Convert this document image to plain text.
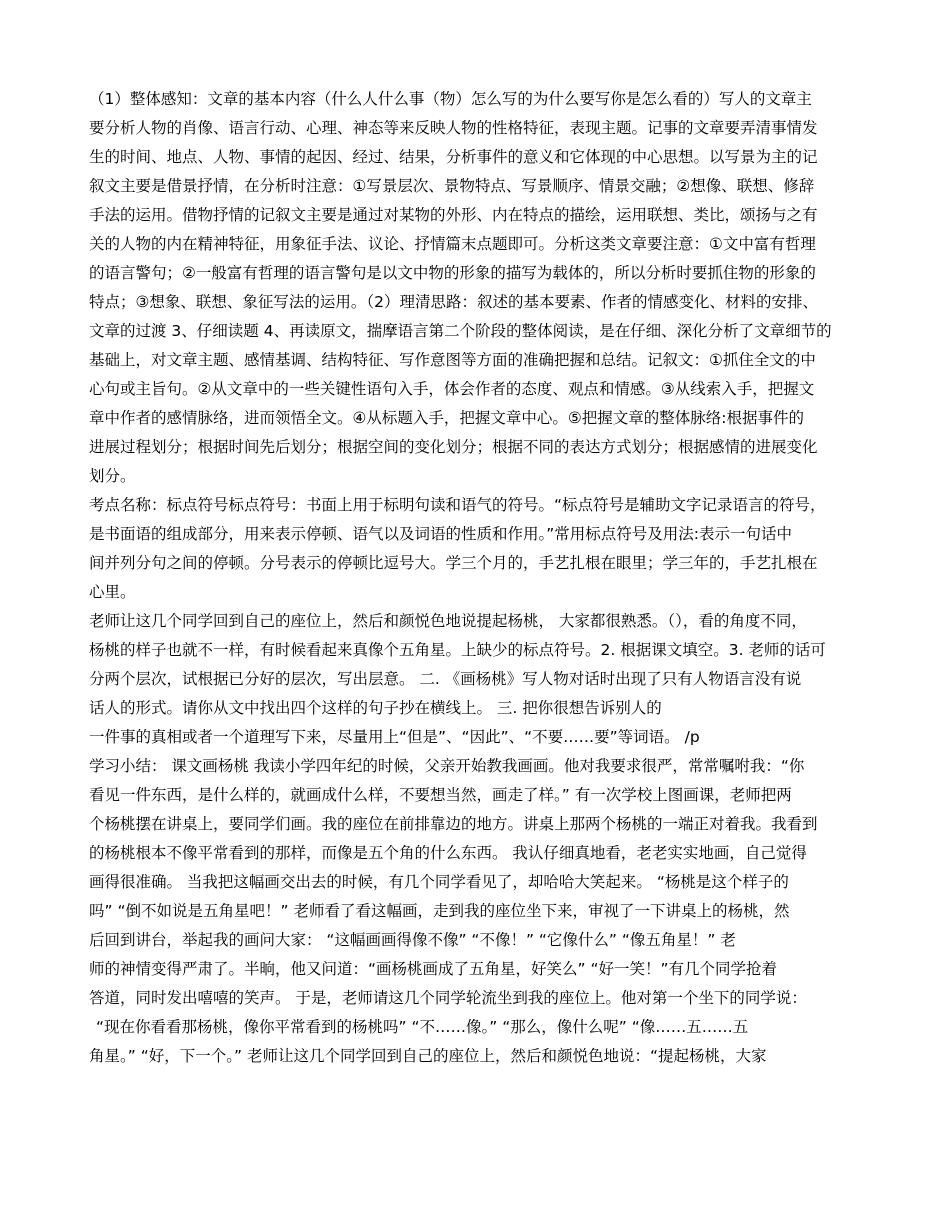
（1）整体感知：文章的基本内容（什么人什么事（物）怎么写的为什么要写你是怎么看的）写人的文章主
要分析人物的肖像、语言行动、心理、神态等来反映人物的性格特征，表现主题。记事的文章要弄清事情发
生的时间、地点、人物、事情的起因、经过、结果，分析事件的意义和它体现的中心思想。以写景为主的记
叙文主要是借景抒情，在分析时注意：①写景层次、景物特点、写景顺序、情景交融；②想像、联想、修辞
手法的运用。借物抒情的记叙文主要是通过对某物的外形、内在特点的描绘，运用联想、类比，颂扬与之有
关的人物的内在精神特征，用象征手法、议论、抒情篇末点题即可。分析这类文章要注意：①文中富有哲理
的语言警句；②一般富有哲理的语言警句是以文中物的形象的描写为载体的，所以分析时要抓住物的形象的
特点；③想象、联想、象征写法的运用。（2）理清思路：叙述的基本要素、作者的情感变化、材料的安排、
文章的过渡 3、仔细读题 4、再读原文，揣摩语言第二个阶段的整体阅读，是在仔细、深化分析了文章细节的
基础上，对文章主题、感情基调、结构特征、写作意图等方面的准确把握和总结。记叙文：①抓住全文的中
心句或主旨句。②从文章中的一些关键性语句入手，体会作者的态度、观点和情感。③从线索入手，把握文
章中作者的感情脉络，进而领悟全文。④从标题入手，把握文章中心。⑤把握文章的整体脉络:根据事件的
进展过程划分；根据时间先后划分；根据空间的变化划分；根据不同的表达方式划分；根据感情的进展变化
划分。
考点名称：标点符号标点符号：书面上用于标明句读和语气的符号。“标点符号是辅助文字记录语言的符号，
是书面语的组成部分，用来表示停顿、语气以及词语的性质和作用。”常用标点符号及用法:表示一句话中
间并列分句之间的停顿。分号表示的停顿比逗号大。学三个月的，手艺扎根在眼里；学三年的，手艺扎根在
心里。
老师让这几个同学回到自己的座位上，然后和颜悦色地说提起杨桃， 大家都很熟悉。（），看的角度不同，
杨桃的样子也就不一样，有时候看起来真像个五角星。上缺少的标点符号。2. 根据课文填空。3. 老师的话可
分两个层次，试根据已分好的层次，写出层意。 二. 《画杨桃》写人物对话时出现了只有人物语言没有说
话人的形式。请你从文中找出四个这样的句子抄在横线上。 三. 把你很想告诉别人的
一件事的真相或者一个道理写下来，尽量用上“但是”、“因此”、“不要……要”等词语。 /p
学习小结： 课文画杨桃 我读小学四年纪的时候，父亲开始教我画画。他对我要求很严，常常嘱咐我：“你
看见一件东西，是什么样的，就画成什么样，不要想当然，画走了样。” 有一次学校上图画课，老师把两
个杨桃摆在讲桌上，要同学们画。我的座位在前排靠边的地方。讲桌上那两个杨桃的一端正对着我。我看到
的杨桃根本不像平常看到的那样，而像是五个角的什么东西。 我认仔细真地看，老老实实地画，自己觉得
画得很准确。 当我把这幅画交出去的时候，有几个同学看见了，却哈哈大笑起来。 “杨桃是这个样子的
吗” “倒不如说是五角星吧！” 老师看了看这幅画，走到我的座位坐下来，审视了一下讲桌上的杨桃，然
后回到讲台，举起我的画问大家： “这幅画画得像不像” “不像！” “它像什么” “像五角星！” 老
师的神情变得严肃了。半晌，他又问道：“画杨桃画成了五角星，好笑么” “好一笑！”有几个同学抢着
答道，同时发出嘻嘻的笑声。 于是，老师请这几个同学轮流坐到我的座位上。他对第一个坐下的同学说：
“现在你看看那杨桃，像你平常看到的杨桃吗” “不……像。” “那么，像什么呢” “像……五……五
角星。” “好，下一个。” 老师让这几个同学回到自己的座位上，然后和颜悦色地说：“提起杨桃，大家
